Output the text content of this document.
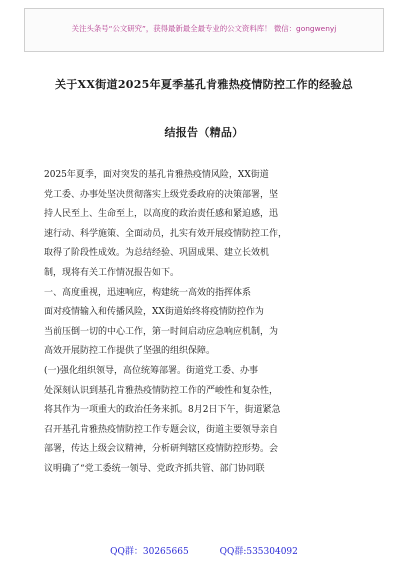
关注头条号“公文研究”，获得最新最全最专业的公文资料库！ 微信：gongwenyj
关于XX街道2025年夏季基孔肯雅热疫情防控工作的经验总
结报告（精品）
2025年夏季，面对突发的基孔肯雅热疫情风险，XX街道
党工委、办事处坚决贯彻落实上级党委政府的决策部署，坚
持人民至上、生命至上，以高度的政治责任感和紧迫感，迅
速行动、科学施策、全面动员，扎实有效开展疫情防控工作，
取得了阶段性成效。为总结经验、巩固成果、建立长效机
制，现将有关工作情况报告如下。
一、高度重视，迅速响应，构建统一高效的指挥体系
面对疫情输入和传播风险，XX街道始终将疫情防控作为
当前压倒一切的中心工作，第一时间启动应急响应机制，为
高效开展防控工作提供了坚强的组织保障。
(一)强化组织领导，高位统筹部署。街道党工委、办事
处深刻认识到基孔肯雅热疫情防控工作的严峻性和复杂性，
将其作为一项重大的政治任务来抓。8月2日下午，街道紧急
召开基孔肯雅热疫情防控工作专题会议，街道主要领导亲自
部署，传达上级会议精神，分析研判辖区疫情防控形势。会
议明确了“党工委统一领导、党政齐抓共管、部门协同联
QQ群：30265665	QQ群:535304092
